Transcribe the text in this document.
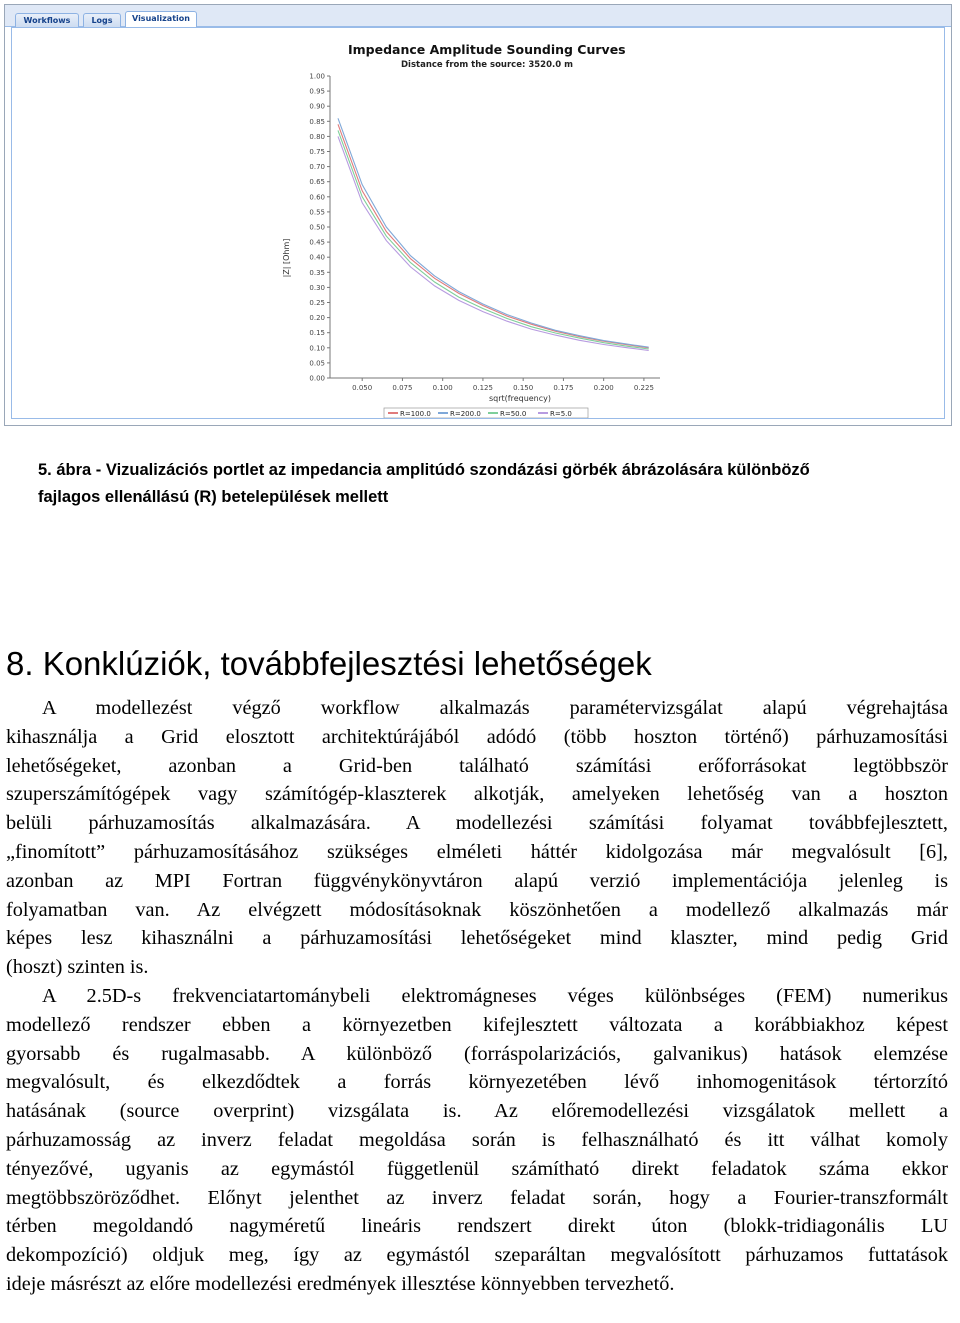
Workflows	Logs	Visualization
Impedance Amplitude Sounding Curves
Distance from the source: 3520.0 m
|Z| [Ohm]
sqrt(frequency)
0.00
0.05
0.10
0.15
0.20
0.25
0.30
0.35
0.40
0.45
0.50
0.55
0.60
0.65
0.70
0.75
0.80
0.85
0.90
0.95
1.00
0.050	0.075	0.100	0.125	0.150	0.175	0.200	0.225
R=100.0	R=200.0	R=50.0	R=5.0
5. ábra - Vizualizációs portlet az impedancia amplitúdó szondázási görbék ábrázolására különböző
fajlagos ellenállású (R) betelepülések mellett
8. Konklúziók, továbbfejlesztési lehetőségek
A modellezést végző workflow alkalmazás paramétervizsgálat alapú végrehajtása
kihasználja a Grid elosztott architektúrájából adódó (több hoszton történő) párhuzamosítási
lehetőségeket, azonban a Grid-ben található számítási erőforrásokat legtöbbször
szuperszámítógépek vagy számítógép-klaszterek alkotják, amelyeken lehetőség van a hoszton
belüli párhuzamosítás alkalmazására. A modellezési számítási folyamat továbbfejlesztett,
„finomított” párhuzamosításához szükséges elméleti háttér kidolgozása már megvalósult [6],
azonban az MPI Fortran függvénykönyvtáron alapú verzió implementációja jelenleg is
folyamatban van. Az elvégzett módosításoknak köszönhetően a modellező alkalmazás már
képes lesz kihasználni a párhuzamosítási lehetőségeket mind klaszter, mind pedig Grid
(hoszt) szinten is.
A 2.5D-s frekvenciatartománybeli elektromágneses véges különbséges (FEM) numerikus
modellező rendszer ebben a környezetben kifejlesztett változata a korábbiakhoz képest
gyorsabb és rugalmasabb. A különböző (forráspolarizációs, galvanikus) hatások elemzése
megvalósult, és elkezdődtek a forrás környezetében lévő inhomogenitások tértorzító
hatásának (source overprint) vizsgálata is. Az előremodellezési vizsgálatok mellett a
párhuzamosság az inverz feladat megoldása során is felhasználható és itt válhat komoly
tényezővé, ugyanis az egymástól függetlenül számítható direkt feladatok száma ekkor
megtöbbszöröződhet. Előnyt jelenthet az inverz feladat során, hogy a Fourier-transzformált
térben megoldandó nagyméretű lineáris rendszert direkt úton (blokk-tridiagonális LU
dekompozíció) oldjuk meg, így az egymástól szeparáltan megvalósított párhuzamos futtatások
ideje másrészt az előre modellezési eredmények illesztése könnyebben tervezhető.
